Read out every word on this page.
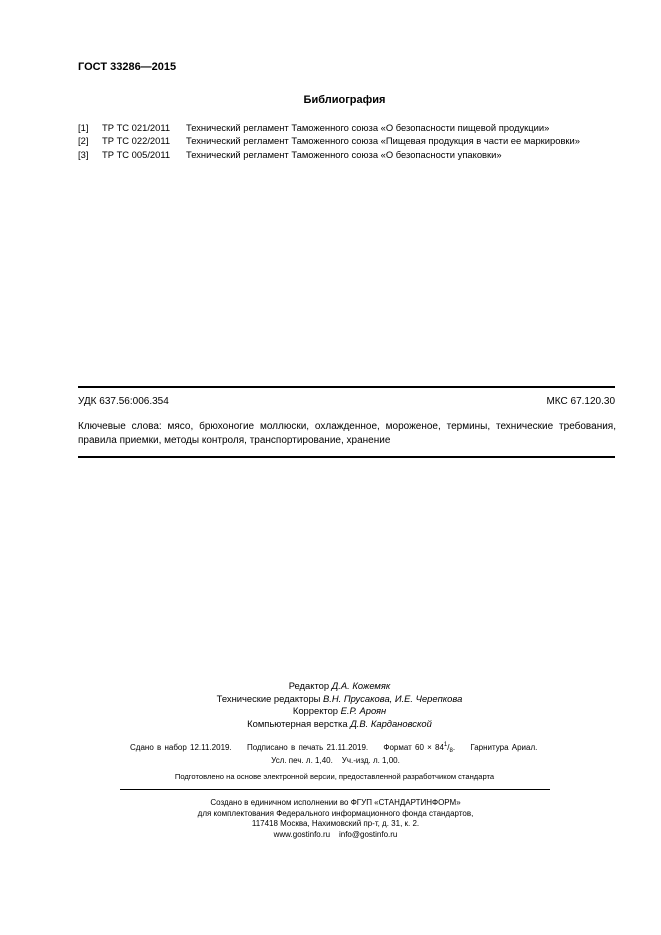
ГОСТ 33286—2015
Библиография
[1] ТР ТС 021/2011 Технический регламент Таможенного союза «О безопасности пищевой продукции»
[2] ТР ТС 022/2011 Технический регламент Таможенного союза «Пищевая продукция в части ее маркировки»
[3] ТР ТС 005/2011 Технический регламент Таможенного союза «О безопасности упаковки»
УДК 637.56:006.354	МКС 67.120.30
Ключевые слова: мясо, брюхоногие моллюски, охлажденное, мороженое, термины, технические требования, правила приемки, методы контроля, транспортирование, хранение
Редактор Д.А. Кожемяк
Технические редакторы В.Н. Прусакова, И.Е. Черепкова
Корректор Е.Р. Ароян
Компьютерная верстка Д.В. Кардановской
Сдано в набор 12.11.2019. Подписано в печать 21.11.2019. Формат $60 \times 84^1/_8$. Гарнитура Ариал.
Усл. печ. л. 1,40. Уч.-изд. л. 1,00.
Подготовлено на основе электронной версии, предоставленной разработчиком стандарта
Создано в единичном исполнении во ФГУП «СТАНДАРТИНФОРМ»
для комплектования Федерального информационного фонда стандартов,
117418 Москва, Нахимовский пр-т, д. 31, к. 2.
www.gostinfo.ru info@gostinfo.ru
